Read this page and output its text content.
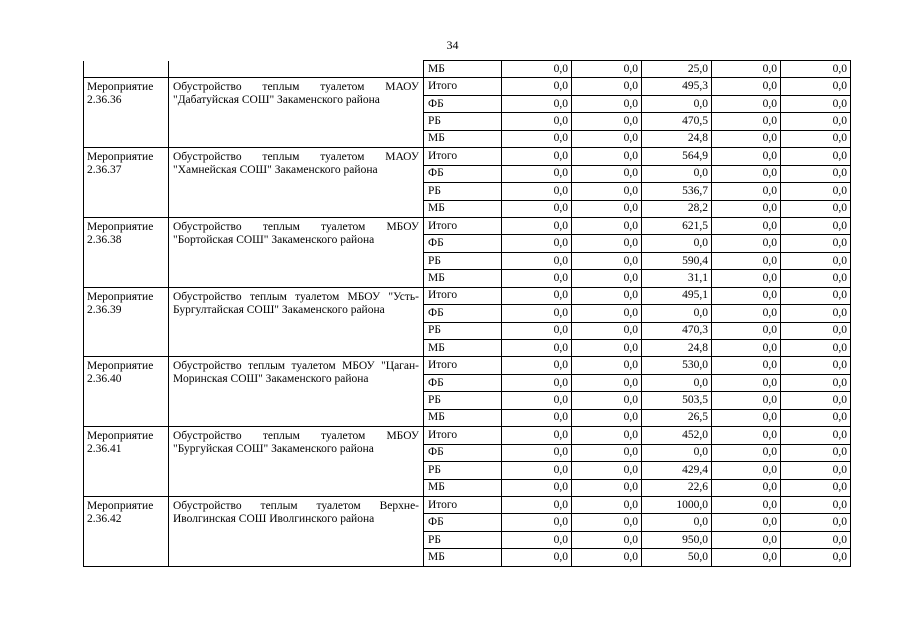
34
		МБ	0,0	0,0	25,0	0,0	0,0
Мероприятие 2.36.36	Обустройство теплым туалетом МАОУ "Дабатуйская СОШ" Закаменского района	Итого	0,0	0,0	495,3	0,0	0,0
		ФБ	0,0	0,0	0,0	0,0	0,0
		РБ	0,0	0,0	470,5	0,0	0,0
		МБ	0,0	0,0	24,8	0,0	0,0
Мероприятие 2.36.37	Обустройство теплым туалетом МАОУ "Хамнейская СОШ" Закаменского района	Итого	0,0	0,0	564,9	0,0	0,0
		ФБ	0,0	0,0	0,0	0,0	0,0
		РБ	0,0	0,0	536,7	0,0	0,0
		МБ	0,0	0,0	28,2	0,0	0,0
Мероприятие 2.36.38	Обустройство теплым туалетом МБОУ "Бортойская СОШ" Закаменского района	Итого	0,0	0,0	621,5	0,0	0,0
		ФБ	0,0	0,0	0,0	0,0	0,0
		РБ	0,0	0,0	590,4	0,0	0,0
		МБ	0,0	0,0	31,1	0,0	0,0
Мероприятие 2.36.39	Обустройство теплым туалетом МБОУ "Усть-Бургултайская СОШ" Закаменского района	Итого	0,0	0,0	495,1	0,0	0,0
		ФБ	0,0	0,0	0,0	0,0	0,0
		РБ	0,0	0,0	470,3	0,0	0,0
		МБ	0,0	0,0	24,8	0,0	0,0
Мероприятие 2.36.40	Обустройство теплым туалетом МБОУ "Цаган-Моринская СОШ" Закаменского района	Итого	0,0	0,0	530,0	0,0	0,0
		ФБ	0,0	0,0	0,0	0,0	0,0
		РБ	0,0	0,0	503,5	0,0	0,0
		МБ	0,0	0,0	26,5	0,0	0,0
Мероприятие 2.36.41	Обустройство теплым туалетом МБОУ "Бургуйская СОШ" Закаменского района	Итого	0,0	0,0	452,0	0,0	0,0
		ФБ	0,0	0,0	0,0	0,0	0,0
		РБ	0,0	0,0	429,4	0,0	0,0
		МБ	0,0	0,0	22,6	0,0	0,0
Мероприятие 2.36.42	Обустройство теплым туалетом Верхне-Иволгинская СОШ Иволгинского района	Итого	0,0	0,0	1000,0	0,0	0,0
		ФБ	0,0	0,0	0,0	0,0	0,0
		РБ	0,0	0,0	950,0	0,0	0,0
		МБ	0,0	0,0	50,0	0,0	0,0
